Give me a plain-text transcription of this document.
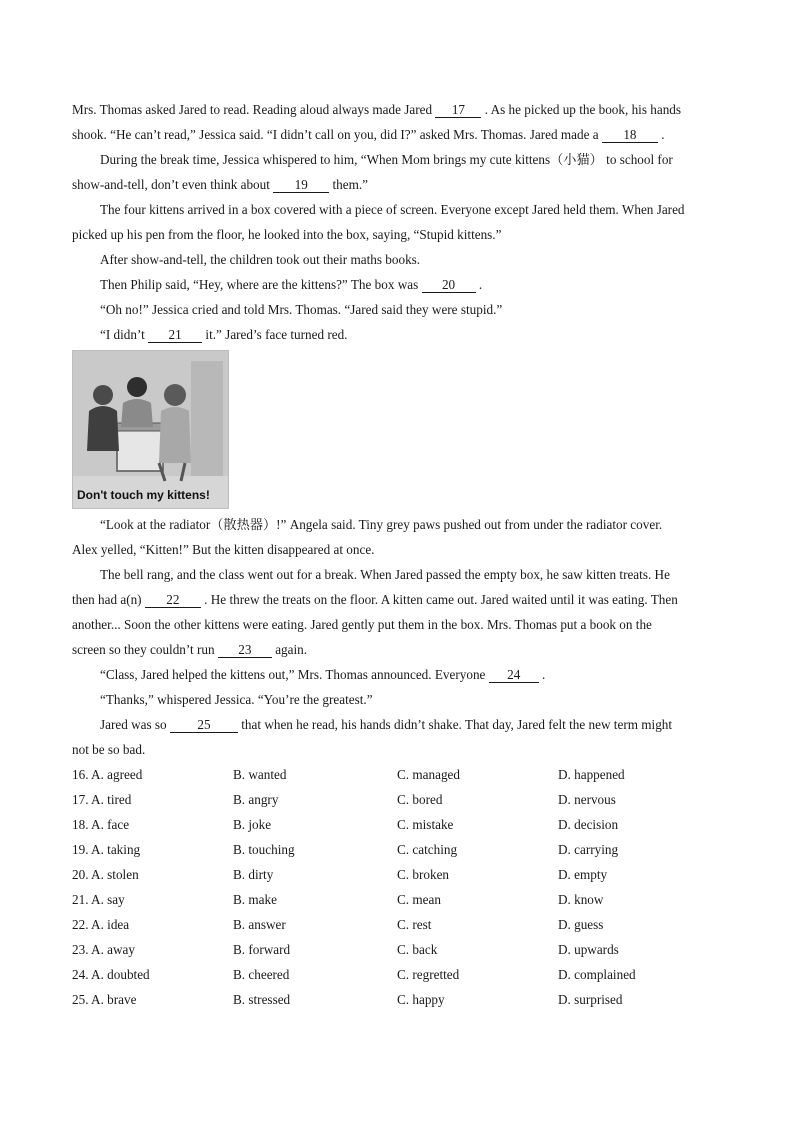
Mrs. Thomas asked Jared to read. Reading aloud always made Jared 17 . As he picked up the book, his hands
shook. “He can’t read,” Jessica said. “I didn’t call on you, did I?” asked Mrs. Thomas. Jared made a 18 .
During the break time, Jessica whispered to him, “When Mom brings my cute kittens（小猫） to school for
show-and-tell, don’t even think about 19 them.”
The four kittens arrived in a box covered with a piece of screen. Everyone except Jared held them. When Jared
picked up his pen from the floor, he looked into the box, saying, “Stupid kittens.”
After show-and-tell, the children took out their maths books.
Then Philip said, “Hey, where are the kittens?” The box was 20 .
“Oh no!” Jessica cried and told Mrs. Thomas. “Jared said they were stupid.”
“I didn’t 21 it.” Jared’s face turned red.
Don't touch my kittens!
“Look at the radiator（散热器）!” Angela said. Tiny grey paws pushed out from under the radiator cover.
Alex yelled, “Kitten!” But the kitten disappeared at once.
The bell rang, and the class went out for a break. When Jared passed the empty box, he saw kitten treats. He
then had a(n) 22 . He threw the treats on the floor. A kitten came out. Jared waited until it was eating. Then
another... Soon the other kittens were eating. Jared gently put them in the box. Mrs. Thomas put a book on the
screen so they couldn’t run 23 again.
“Class, Jared helped the kittens out,” Mrs. Thomas announced. Everyone 24 .
“Thanks,” whispered Jessica. “You’re the greatest.”
Jared was so 25 that when he read, his hands didn’t shake. That day, Jared felt the new term might
not be so bad.
16. A. agreed	B. wanted	C. managed	D. happened
17. A. tired	B. angry	C. bored	D. nervous
18. A. face	B. joke	C. mistake	D. decision
19. A. taking	B. touching	C. catching	D. carrying
20. A. stolen	B. dirty	C. broken	D. empty
21. A. say	B. make	C. mean	D. know
22. A. idea	B. answer	C. rest	D. guess
23. A. away	B. forward	C. back	D. upwards
24. A. doubted	B. cheered	C. regretted	D. complained
25. A. brave	B. stressed	C. happy	D. surprised
